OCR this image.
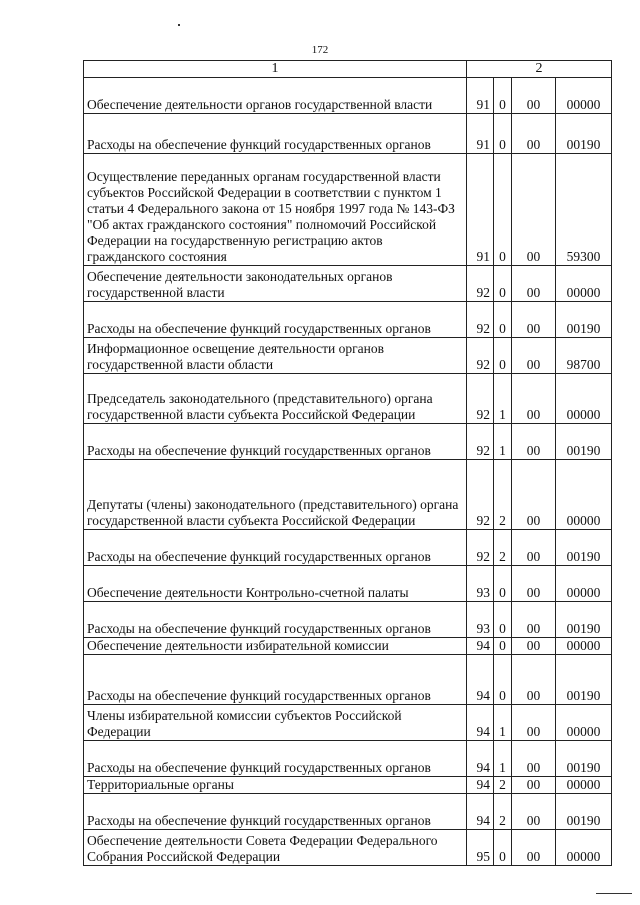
172
1	2			
Обеспечение деятельности органов государственной власти	91	0	00	00000
Расходы на обеспечение функций государственных органов	91	0	00	00190
Осуществление переданных органам государственной власти субъектов Российской Федерации в соответствии с пунктом 1 статьи 4 Федерального закона от 15 ноября 1997 года № 143-ФЗ "Об актах гражданского состояния" полномочий Российской Федерации на государственную регистрацию актов гражданского состояния	91	0	00	59300
Обеспечение деятельности законодательных органов государственной власти	92	0	00	00000
Расходы на обеспечение функций государственных органов	92	0	00	00190
Информационное освещение деятельности органов государственной власти области	92	0	00	98700
Председатель законодательного (представительного) органа государственной власти субъекта Российской Федерации	92	1	00	00000
Расходы на обеспечение функций государственных органов	92	1	00	00190
Депутаты (члены) законодательного (представительного) органа государственной власти субъекта Российской Федерации	92	2	00	00000
Расходы на обеспечение функций государственных органов	92	2	00	00190
Обеспечение деятельности Контрольно-счетной палаты	93	0	00	00000
Расходы на обеспечение функций государственных органов	93	0	00	00190
Обеспечение деятельности избирательной комиссии	94	0	00	00000
Расходы на обеспечение функций государственных органов	94	0	00	00190
Члены избирательной комиссии субъектов Российской Федерации	94	1	00	00000
Расходы на обеспечение функций государственных органов	94	1	00	00190
Территориальные органы	94	2	00	00000
Расходы на обеспечение функций государственных органов	94	2	00	00190
Обеспечение деятельности Совета Федерации Федерального Собрания Российской Федерации	95	0	00	00000
